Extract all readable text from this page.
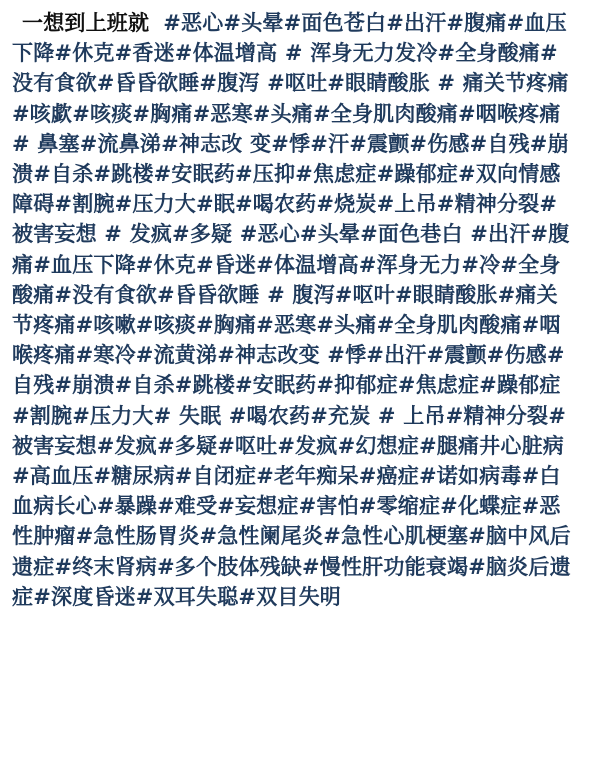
一想到上班就 #恶心#头晕#面色苍白#出汗#腹痛#血压下降#休克#香迷#体温增高 # 浑身无力发冷#全身酸痛#没有食欲#昏昏欲睡#腹泻 #呕吐#眼睛酸胀 # 痛关节疼痛 #咳歔#咳痰#胸痛#恶寒#头痛#全身肌肉酸痛#咽喉疼痛 # 鼻塞#流鼻涕#神志改 变#悸#汗#震颤#伤感#自残#崩溃#自杀#跳楼#安眠药#压抑#焦虑症#躁郁症#双向情感障碍#割腕#压力大#眠#喝农药#烧炭#上吊#精神分裂#被害妄想 # 发疯#多疑 #恶心#头晕#面色巷白 #出汗#腹痛#血压下降#休克#昏迷#体温增高#浑身无力#冷#全身酸痛#没有食欲#昏昏欲睡 # 腹泻#呕叶#眼睛酸胀#痛关节疼痛#咳嗽#咳痰#胸痛#恶寒#头痛#全身肌肉酸痛#咽喉疼痛#寒冷#流黄涕#神志改变 #悸#出汗#震颤#伤感#自残#崩溃#自杀#跳楼#安眠药#抑郁症#焦虑症#躁郁症 #割腕#压力大# 失眠 #喝农药#充炭 # 上吊#精神分裂#被害妄想#发疯#多疑#呕吐#发疯#幻想症#腿痛井心脏病#高血压#糖尿病#自闭症#老年痴呆#癌症#诺如病毒#白血病长心#暴躁#难受#妄想症#害怕#零缩症#化蝶症#恶性肿瘤#急性肠胃炎#急性阑尾炎#急性心肌梗塞#脑中风后遗症#终末肾病#多个肢体残缺#慢性肝功能衰竭#脑炎后遗症#深度昏迷#双耳失聪#双目失明
